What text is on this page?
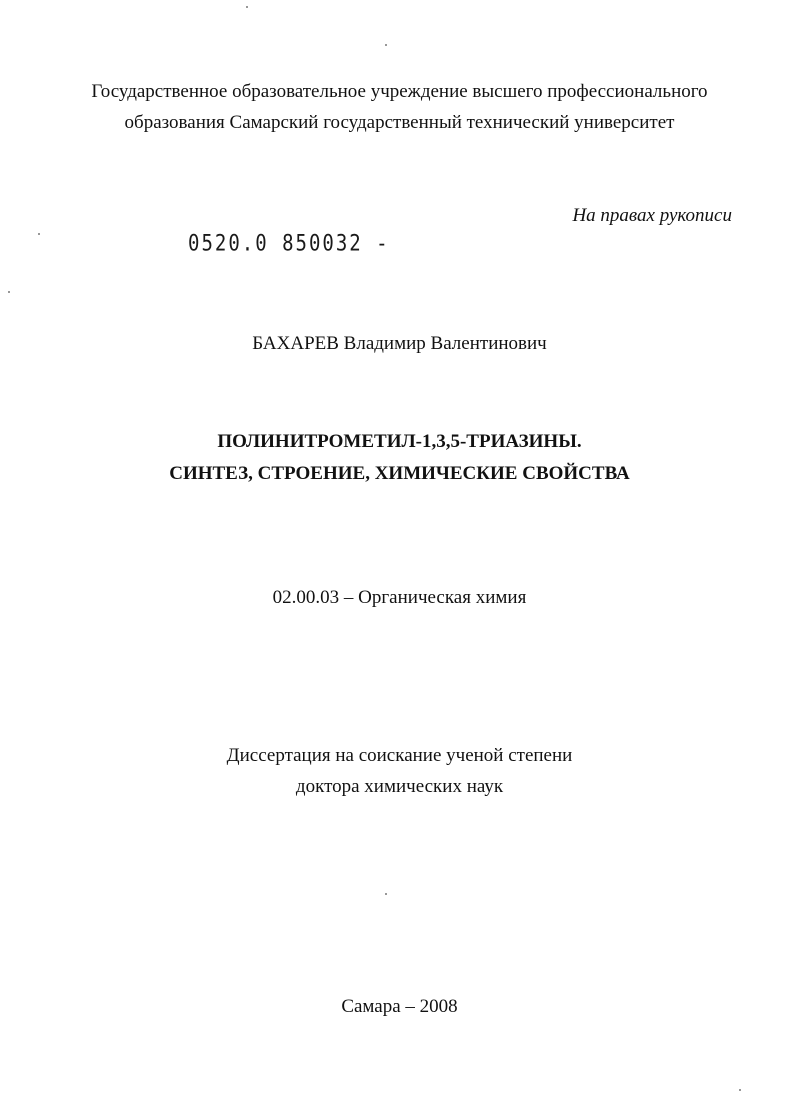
Государственное образовательное учреждение высшего профессионального
образования Самарский государственный технический университет
На правах рукописи
0520.0 850032 -
БАХАРЕВ Владимир Валентинович
ПОЛИНИТРОМЕТИЛ-1,3,5-ТРИАЗИНЫ.
СИНТЕЗ, СТРОЕНИЕ, ХИМИЧЕСКИЕ СВОЙСТВА
02.00.03 – Органическая химия
Диссертация на соискание ученой степени
доктора химических наук
Самара – 2008
